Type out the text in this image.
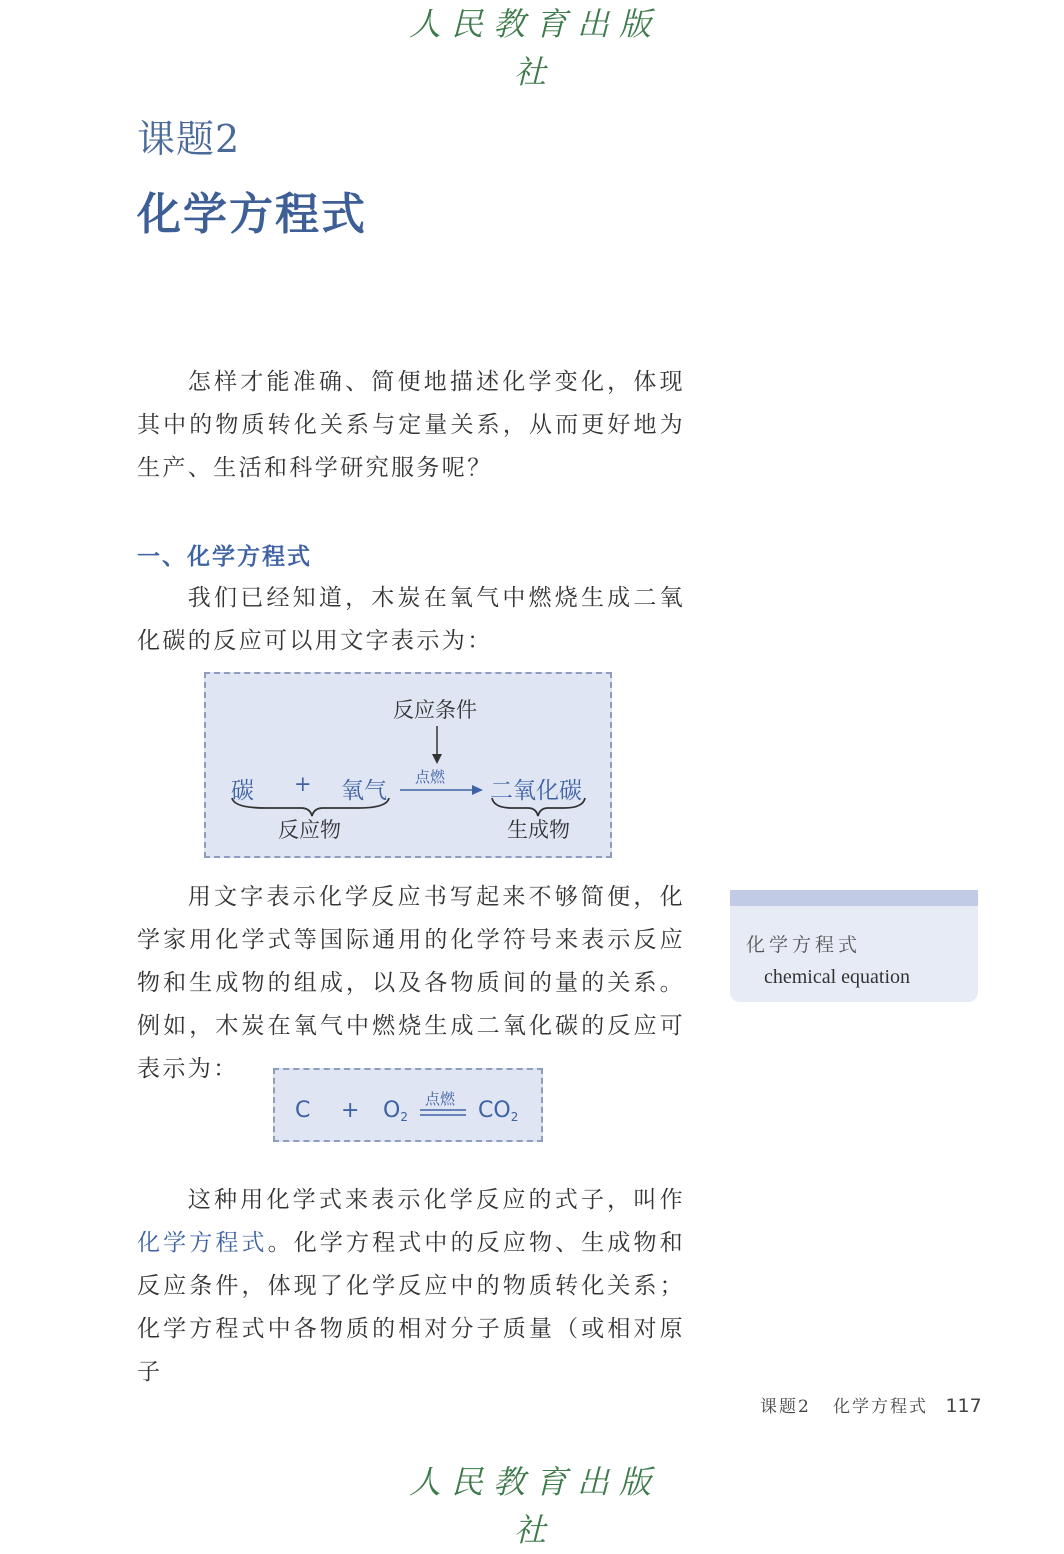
人民教育出版社
课题2
化学方程式
怎样才能准确、简便地描述化学变化，体现其中的物质转化关系与定量关系，从而更好地为生产、生活和科学研究服务呢？
一、化学方程式
我们已经知道，木炭在氧气中燃烧生成二氧化碳的反应可以用文字表示为：
反应条件
碳 + 氧气
点燃
二氧化碳
反应物	生成物
用文字表示化学反应书写起来不够简便，化学家用化学式等国际通用的化学符号来表示反应物和生成物的组成，以及各物质间的量的关系。例如，木炭在氧气中燃烧生成二氧化碳的反应可表示为：
$C + O_2$
点燃 $CO_2$
这种用化学式来表示化学反应的式子，叫作化学方程式。化学方程式中的反应物、生成物和反应条件，体现了化学反应中的物质转化关系；化学方程式中各物质的相对分子质量（或相对原子
化学方程式
chemical equation
课题2 化学方程式 117
人民教育出版社
